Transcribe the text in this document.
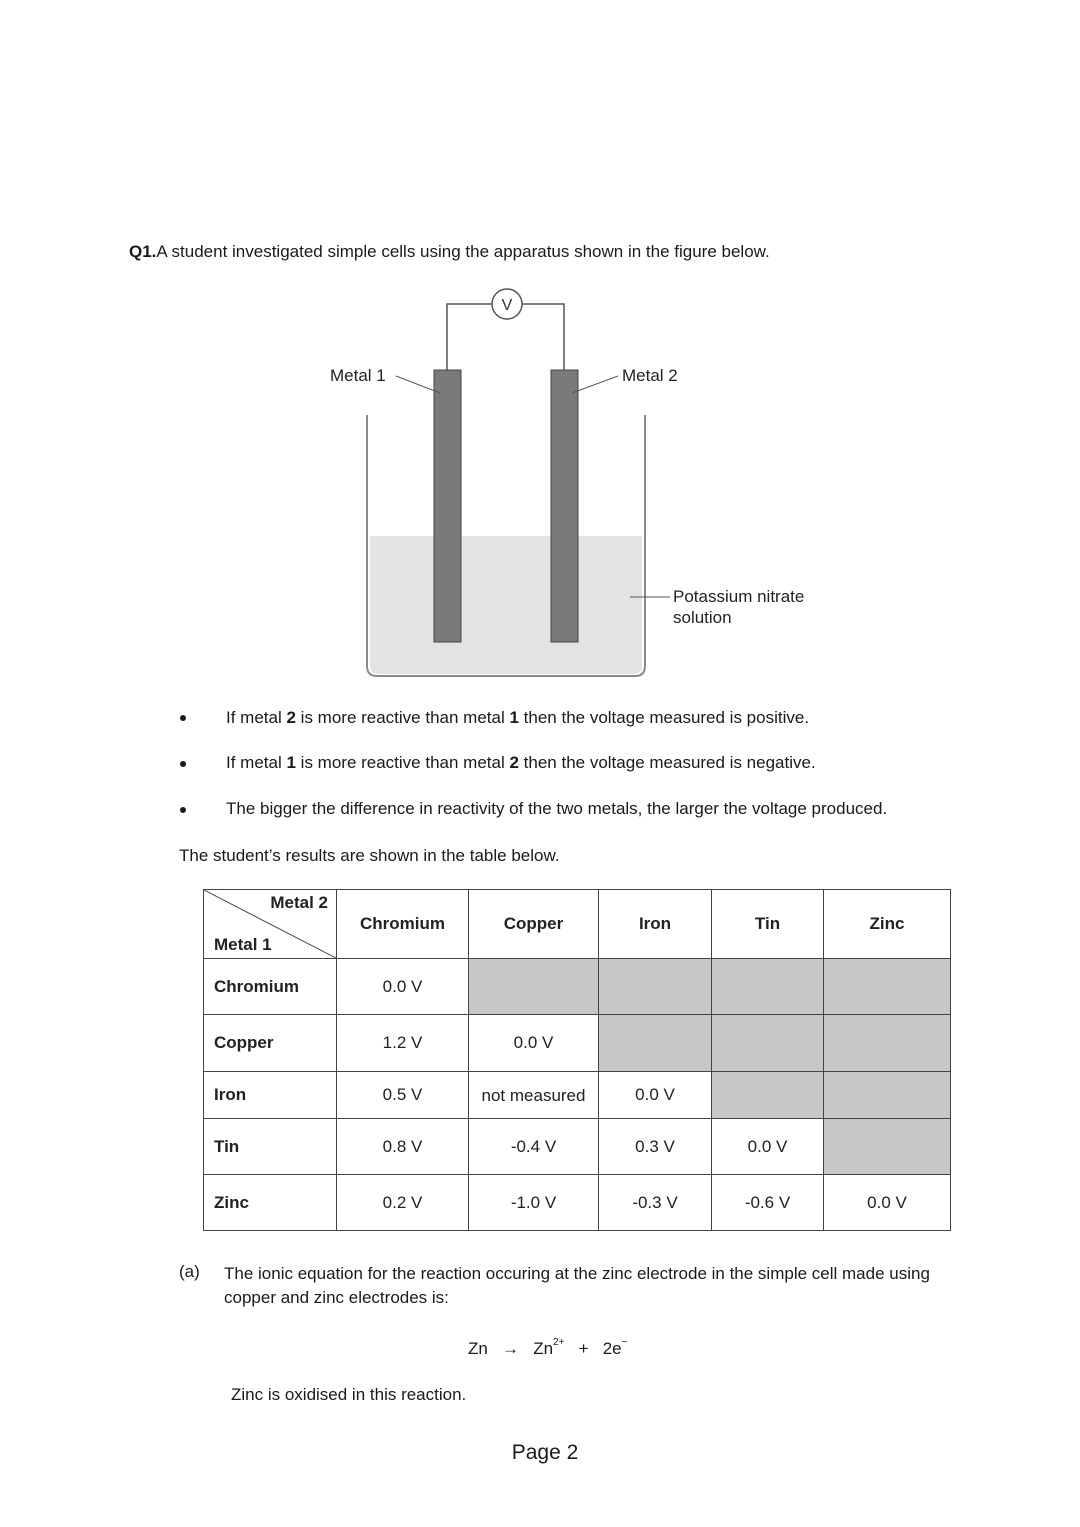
Q1.A student investigated simple cells using the apparatus shown in the figure below.
V
Metal 1	Metal 2
Potassium nitrate
solution
If metal 2 is more reactive than metal 1 then the voltage measured is positive.
If metal 1 is more reactive than metal 2 then the voltage measured is negative.
The bigger the difference in reactivity of the two metals, the larger the voltage produced.
The student’s results are shown in the table below.
Metal 2
Metal 1	Chromium	Copper	Iron	Tin	Zinc
Chromium	0.0 V				
Copper	1.2 V	0.0 V			
Iron	0.5 V	not measured	0.0 V		
Tin	0.8 V	-0.4 V	0.3 V	0.0 V	
Zinc	0.2 V	-1.0 V	-0.3 V	-0.6 V	0.0 V
(a) The ionic equation for the reaction occuring at the zinc electrode in the simple cell made using copper and zinc electrodes is:
$Zn \to Zn^{2+} + 2e^-$
Zinc is oxidised in this reaction.
Page 2
